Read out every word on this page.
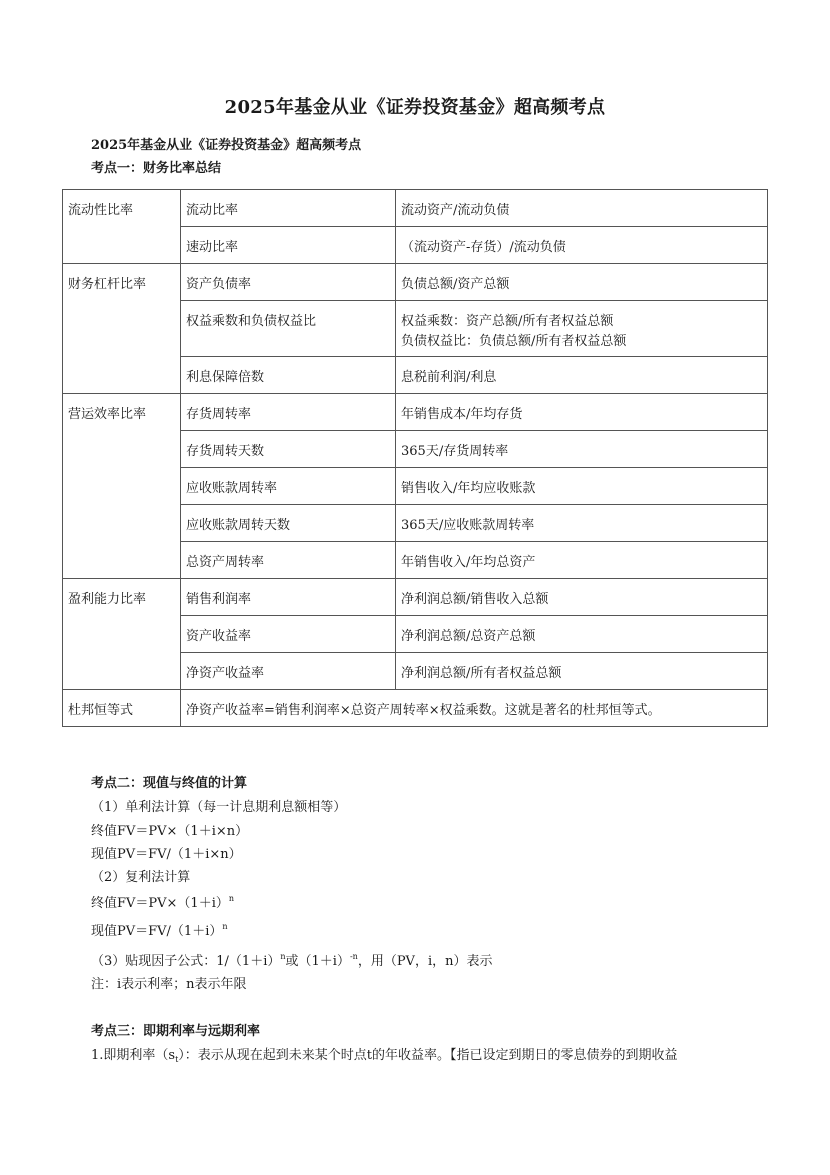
2025年基金从业《证券投资基金》超高频考点
2025年基金从业《证券投资基金》超高频考点
考点一：财务比率总结
流动性比率	流动比率	流动资产/流动负债

	速动比率	（流动资产-存货）/流动负债

财务杠杆比率	资产负债率	负债总额/资产总额

	权益乘数和负债权益比	权益乘数：资产总额/所有者权益总额
负债权益比：负债总额/所有者权益总额

	利息保障倍数	息税前利润/利息

营运效率比率	存货周转率	年销售成本/年均存货

	存货周转天数	365天/存货周转率

	应收账款周转率	销售收入/年均应收账款

	应收账款周转天数	365天/应收账款周转率

	总资产周转率	年销售收入/年均总资产

盈利能力比率	销售利润率	净利润总额/销售收入总额

	资产收益率	净利润总额/总资产总额

	净资产收益率	净利润总额/所有者权益总额

杜邦恒等式	净资产收益率=销售利润率×总资产周转率×权益乘数。这就是著名的杜邦恒等式。	
考点二：现值与终值的计算
（1）单利法计算（每一计息期利息额相等）
终值FV＝PV×（1＋i×n）
现值PV＝FV/（1＋i×n）
（2）复利法计算
终值$FV=PV\times(1+i)^n$
现值$PV=FV/(1+i)^n$
（3）贴现因子公式：$1/(1+i)^n$或$(1+i)^{-n}$，用（PV，i，n）表示
注：i表示利率；n表示年限
考点三：即期利率与远期利率
1.即期利率$(s_t)$：表示从现在起到未来某个时点t的年收益率。【指已设定到期日的零息债券的到期收益
